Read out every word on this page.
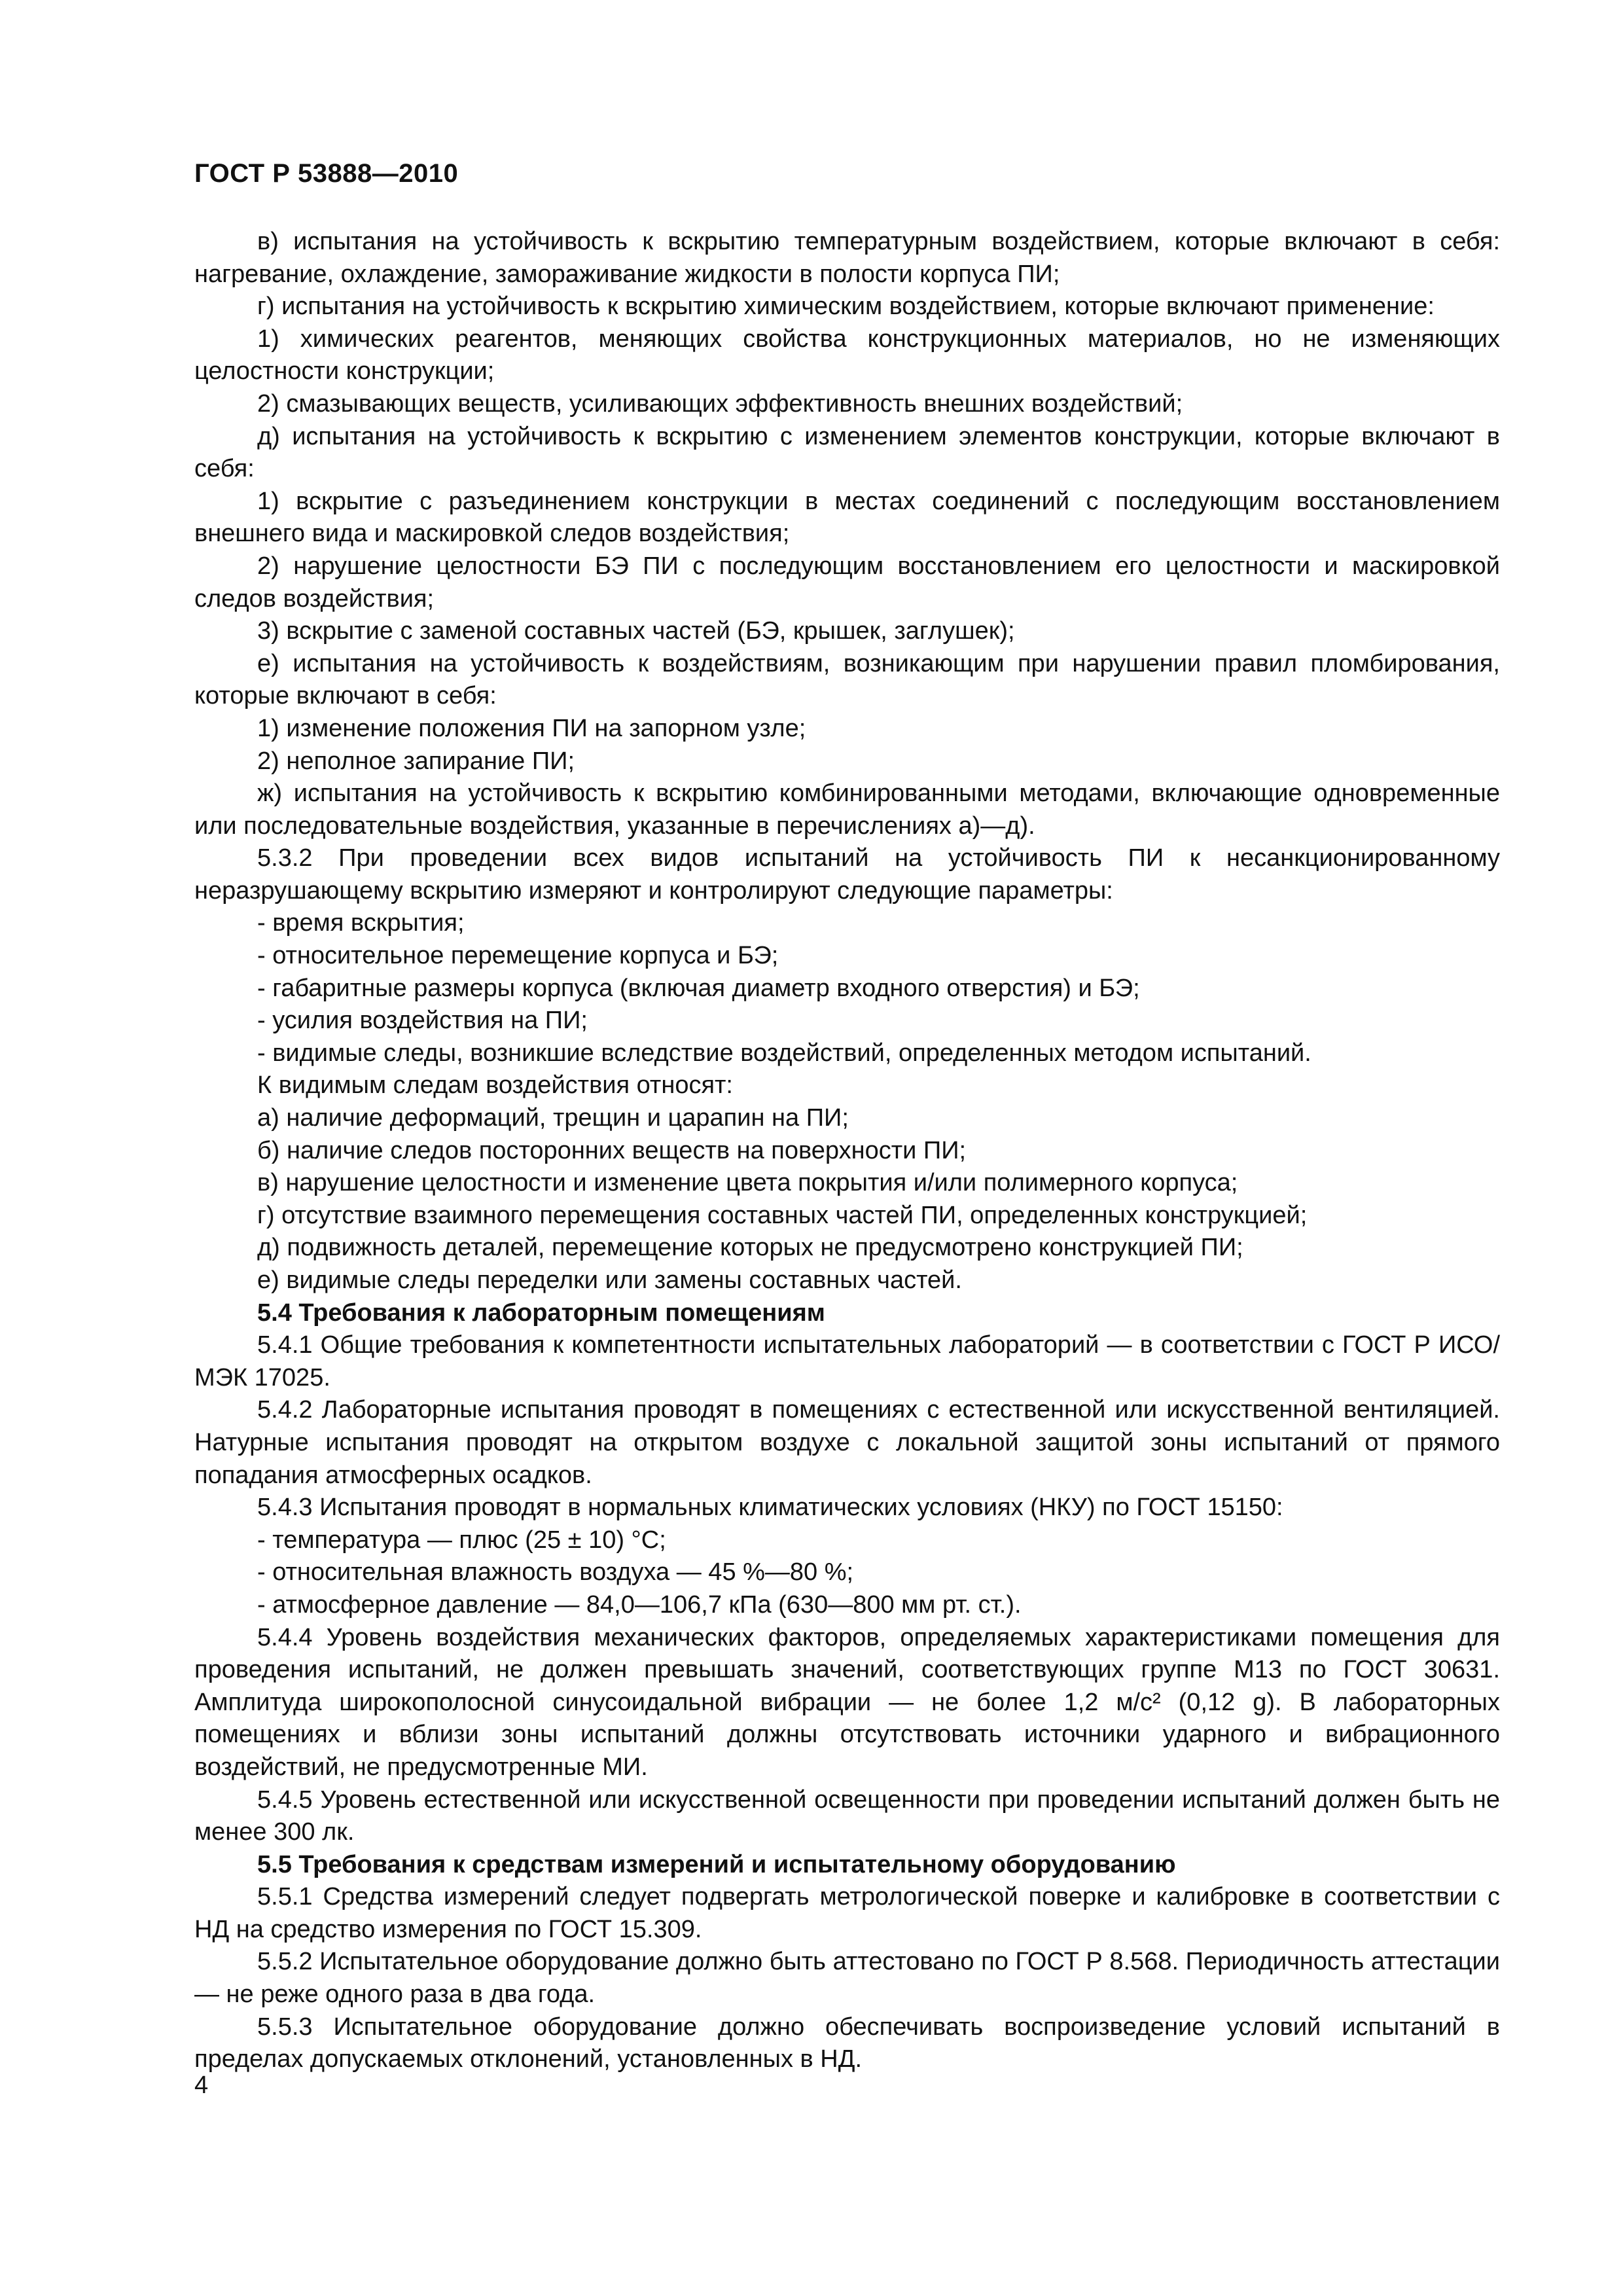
ГОСТ Р 53888—2010

в) испытания на устойчивость к вскрытию температурным воздействием, которые включают в себя: нагревание, охлаждение, замораживание жидкости в полости корпуса ПИ;

г) испытания на устойчивость к вскрытию химическим воздействием, которые включают применение:

1) химических реагентов, меняющих свойства конструкционных материалов, но не изменяющих целостности конструкции;

2) смазывающих веществ, усиливающих эффективность внешних воздействий;

д) испытания на устойчивость к вскрытию с изменением элементов конструкции, которые включают в себя:

1) вскрытие с разъединением конструкции в местах соединений с последующим восстановлением внешнего вида и маскировкой следов воздействия;

2) нарушение целостности БЭ ПИ с последующим восстановлением его целостности и маскировкой следов воздействия;

3) вскрытие с заменой составных частей (БЭ, крышек, заглушек);

е) испытания на устойчивость к воздействиям, возникающим при нарушении правил пломбирования, которые включают в себя:

1) изменение положения ПИ на запорном узле;

2) неполное запирание ПИ;

ж) испытания на устойчивость к вскрытию комбинированными методами, включающие одновременные или последовательные воздействия, указанные в перечислениях а)—д).

5.3.2 При проведении всех видов испытаний на устойчивость ПИ к несанкционированному неразрушающему вскрытию измеряют и контролируют следующие параметры:

- время вскрытия;

- относительное перемещение корпуса и БЭ;

- габаритные размеры корпуса (включая диаметр входного отверстия) и БЭ;

- усилия воздействия на ПИ;

- видимые следы, возникшие вследствие воздействий, определенных методом испытаний.

К видимым следам воздействия относят:

а) наличие деформаций, трещин и царапин на ПИ;

б) наличие следов посторонних веществ на поверхности ПИ;

в) нарушение целостности и изменение цвета покрытия и/или полимерного корпуса;

г) отсутствие взаимного перемещения составных частей ПИ, определенных конструкцией;

д) подвижность деталей, перемещение которых не предусмотрено конструкцией ПИ;

е) видимые следы переделки или замены составных частей.

5.4 Требования к лабораторным помещениям

5.4.1 Общие требования к компетентности испытательных лабораторий — в соответствии с ГОСТ Р ИСО/МЭК 17025.

5.4.2 Лабораторные испытания проводят в помещениях с естественной или искусственной вентиляцией. Натурные испытания проводят на открытом воздухе с локальной защитой зоны испытаний от прямого попадания атмосферных осадков.

5.4.3 Испытания проводят в нормальных климатических условиях (НКУ) по ГОСТ 15150:

- температура — плюс (25 ± 10) °С;

- относительная влажность воздуха — 45 %—80 %;

- атмосферное давление — 84,0—106,7 кПа (630—800 мм рт. ст.).

5.4.4 Уровень воздействия механических факторов, определяемых характеристиками помещения для проведения испытаний, не должен превышать значений, соответствующих группе М13 по ГОСТ 30631. Амплитуда широкополосной синусоидальной вибрации — не более 1,2 м/с² (0,12 g). В лабораторных помещениях и вблизи зоны испытаний должны отсутствовать источники ударного и вибрационного воздействий, не предусмотренные МИ.

5.4.5 Уровень естественной или искусственной освещенности при проведении испытаний должен быть не менее 300 лк.

5.5 Требования к средствам измерений и испытательному оборудованию

5.5.1 Средства измерений следует подвергать метрологической поверке и калибровке в соответствии с НД на средство измерения по ГОСТ 15.309.

5.5.2 Испытательное оборудование должно быть аттестовано по ГОСТ Р 8.568. Периодичность аттестации — не реже одного раза в два года.

5.5.3 Испытательное оборудование должно обеспечивать воспроизведение условий испытаний в пределах допускаемых отклонений, установленных в НД.

4
